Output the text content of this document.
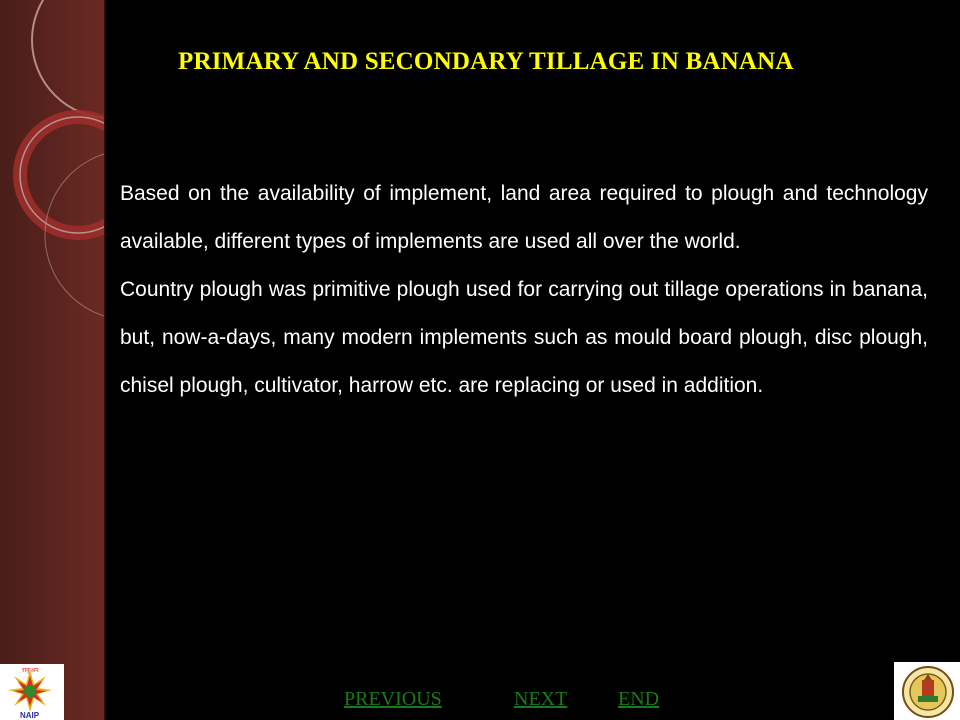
PRIMARY AND SECONDARY TILLAGE IN BANANA

Based on the availability of implement, land area required to plough and technology available, different types of implements are used all over the world.

Country plough was primitive plough used for carrying out tillage operations in banana, but, now-a-days, many modern implements such as mould board plough, disc plough, chisel plough, cultivator, harrow etc. are replacing or used in addition.

PREVIOUS	NEXT	END
राकृअप
NAIP
